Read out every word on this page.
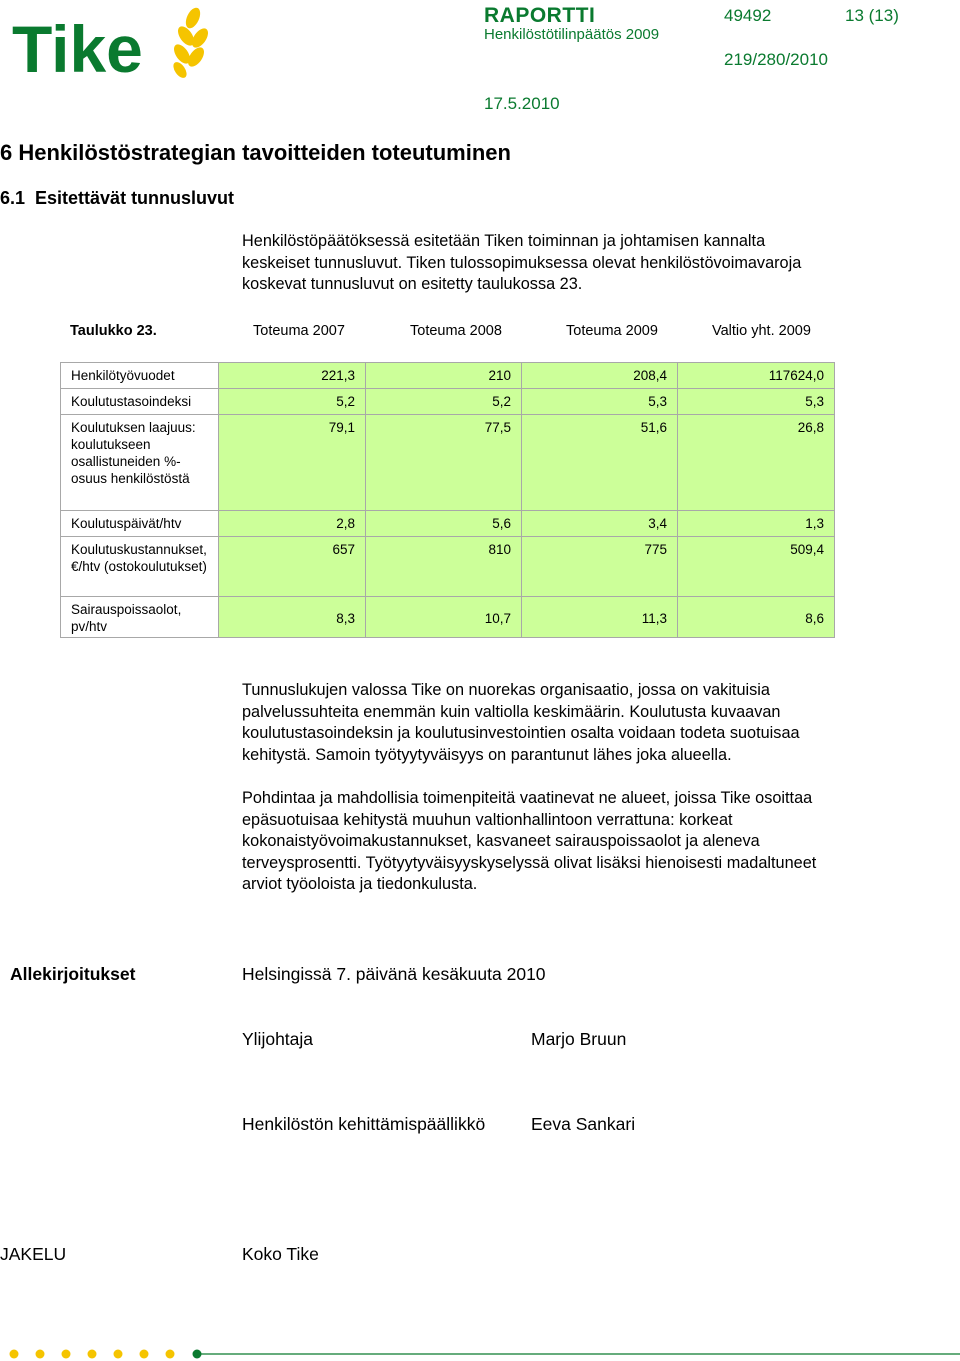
Tike	RAPORTTI
Henkilöstötilinpäätös 2009
49492	13 (13)
219/280/2010
17.5.2010
6 Henkilöstöstrategian tavoitteiden toteutuminen
6.1  Esitettävät tunnusluvut
Henkilöstöpäätöksessä esitetään Tiken toiminnan ja johtamisen kannalta
keskeiset tunnusluvut. Tiken tulossopimuksessa olevat henkilöstövoimavaroja
koskevat tunnusluvut on esitetty taulukossa 23.
Taulukko 23.	Toteuma 2007	Toteuma 2008	Toteuma 2009	Valtio yht. 2009
Henkilötyövuodet	221,3	210	208,4	117624,0
Koulutustasoindeksi	5,2	5,2	5,3	5,3
Koulutuksen laajuus: koulutukseen osallistuneiden %-osuus henkilöstöstä	79,1	77,5	51,6	26,8
Koulutuspäivät/htv	2,8	5,6	3,4	1,3
Koulutuskustannukset, €/htv (ostokoulutukset)	657	810	775	509,4
Sairauspoissaolot, pv/htv	8,3	10,7	11,3	8,6
Tunnuslukujen valossa Tike on nuorekas organisaatio, jossa on vakituisia
palvelussuhteita enemmän kuin valtiolla keskimäärin. Koulutusta kuvaavan
koulutustasoindeksin ja koulutusinvestointien osalta voidaan todeta suotuisaa
kehitystä. Samoin työtyytyväisyys on parantunut lähes joka alueella.
Pohdintaa ja mahdollisia toimenpiteitä vaatinevat ne alueet, joissa Tike osoittaa
epäsuotuisaa kehitystä muuhun valtionhallintoon verrattuna: korkeat
kokonaistyövoimakustannukset, kasvaneet sairauspoissaolot ja aleneva
terveysprosentti. Työtyytyväisyyskyselyssä olivat lisäksi hienoisesti madaltuneet
arviot työoloista ja tiedonkulusta.
Allekirjoitukset	Helsingissä 7. päivänä kesäkuuta 2010
Ylijohtaja	Marjo Bruun
Henkilöstön kehittämispäällikkö	Eeva Sankari
JAKELU	Koko Tike
